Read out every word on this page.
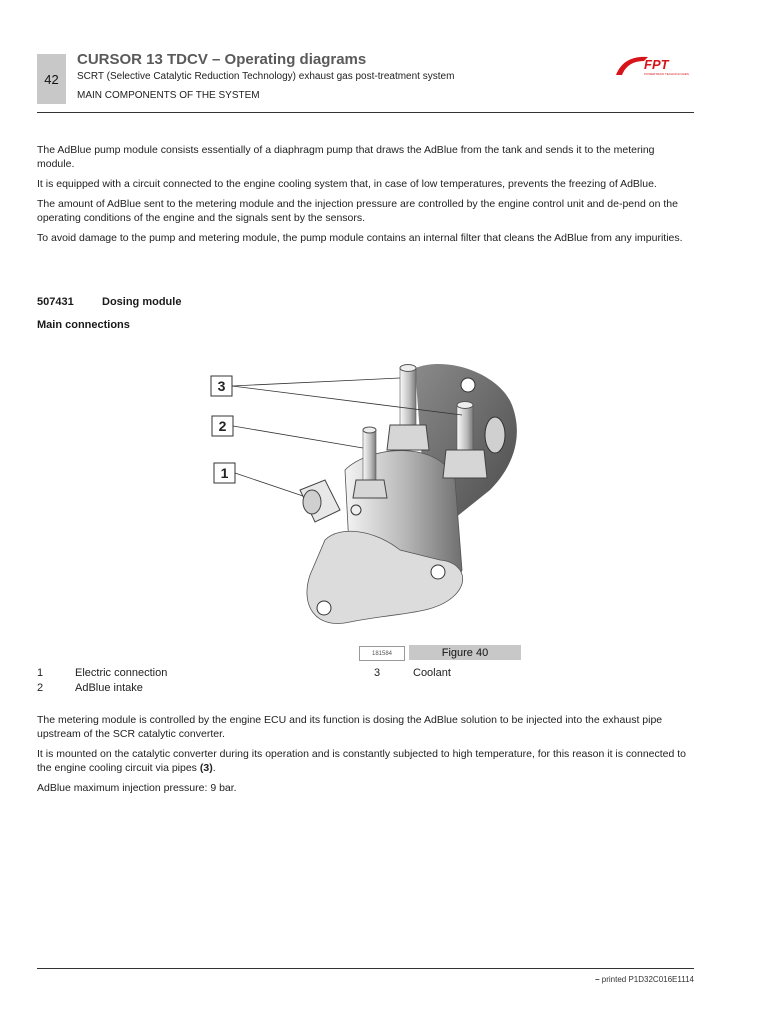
42
CURSOR 13 TDCV – Operating diagrams
SCRT (Selective Catalytic Reduction Technology) exhaust gas post-treatment system
MAIN COMPONENTS OF THE SYSTEM
FPT
POWERTRAIN TECHNOLOGIES

The AdBlue pump module consists essentially of a diaphragm pump that draws the AdBlue from the tank and sends it to the metering module.

It is equipped with a circuit connected to the engine cooling system that, in case of low temperatures, prevents the freezing of AdBlue.

The amount of AdBlue sent to the metering module and the injection pressure are controlled by the engine control unit and de-pend on the operating conditions of the engine and the signals sent by the sensors.

To avoid damage to the pump and metering module, the pump module contains an internal filter that cleans the AdBlue from any impurities.

507431	Dosing module
Main connections
3
2
1
181584	Figure 40
1	Electric connection
2	AdBlue intake
3	Coolant

The metering module is controlled by the engine ECU and its function is dosing the AdBlue solution to be injected into the exhaust pipe upstream of the SCR catalytic converter.

It is mounted on the catalytic converter during its operation and is constantly subjected to high temperature, for this reason it is connected to the engine cooling circuit via pipes (3).

AdBlue maximum injection pressure: 9 bar.

– printed P1D32C016E1114
